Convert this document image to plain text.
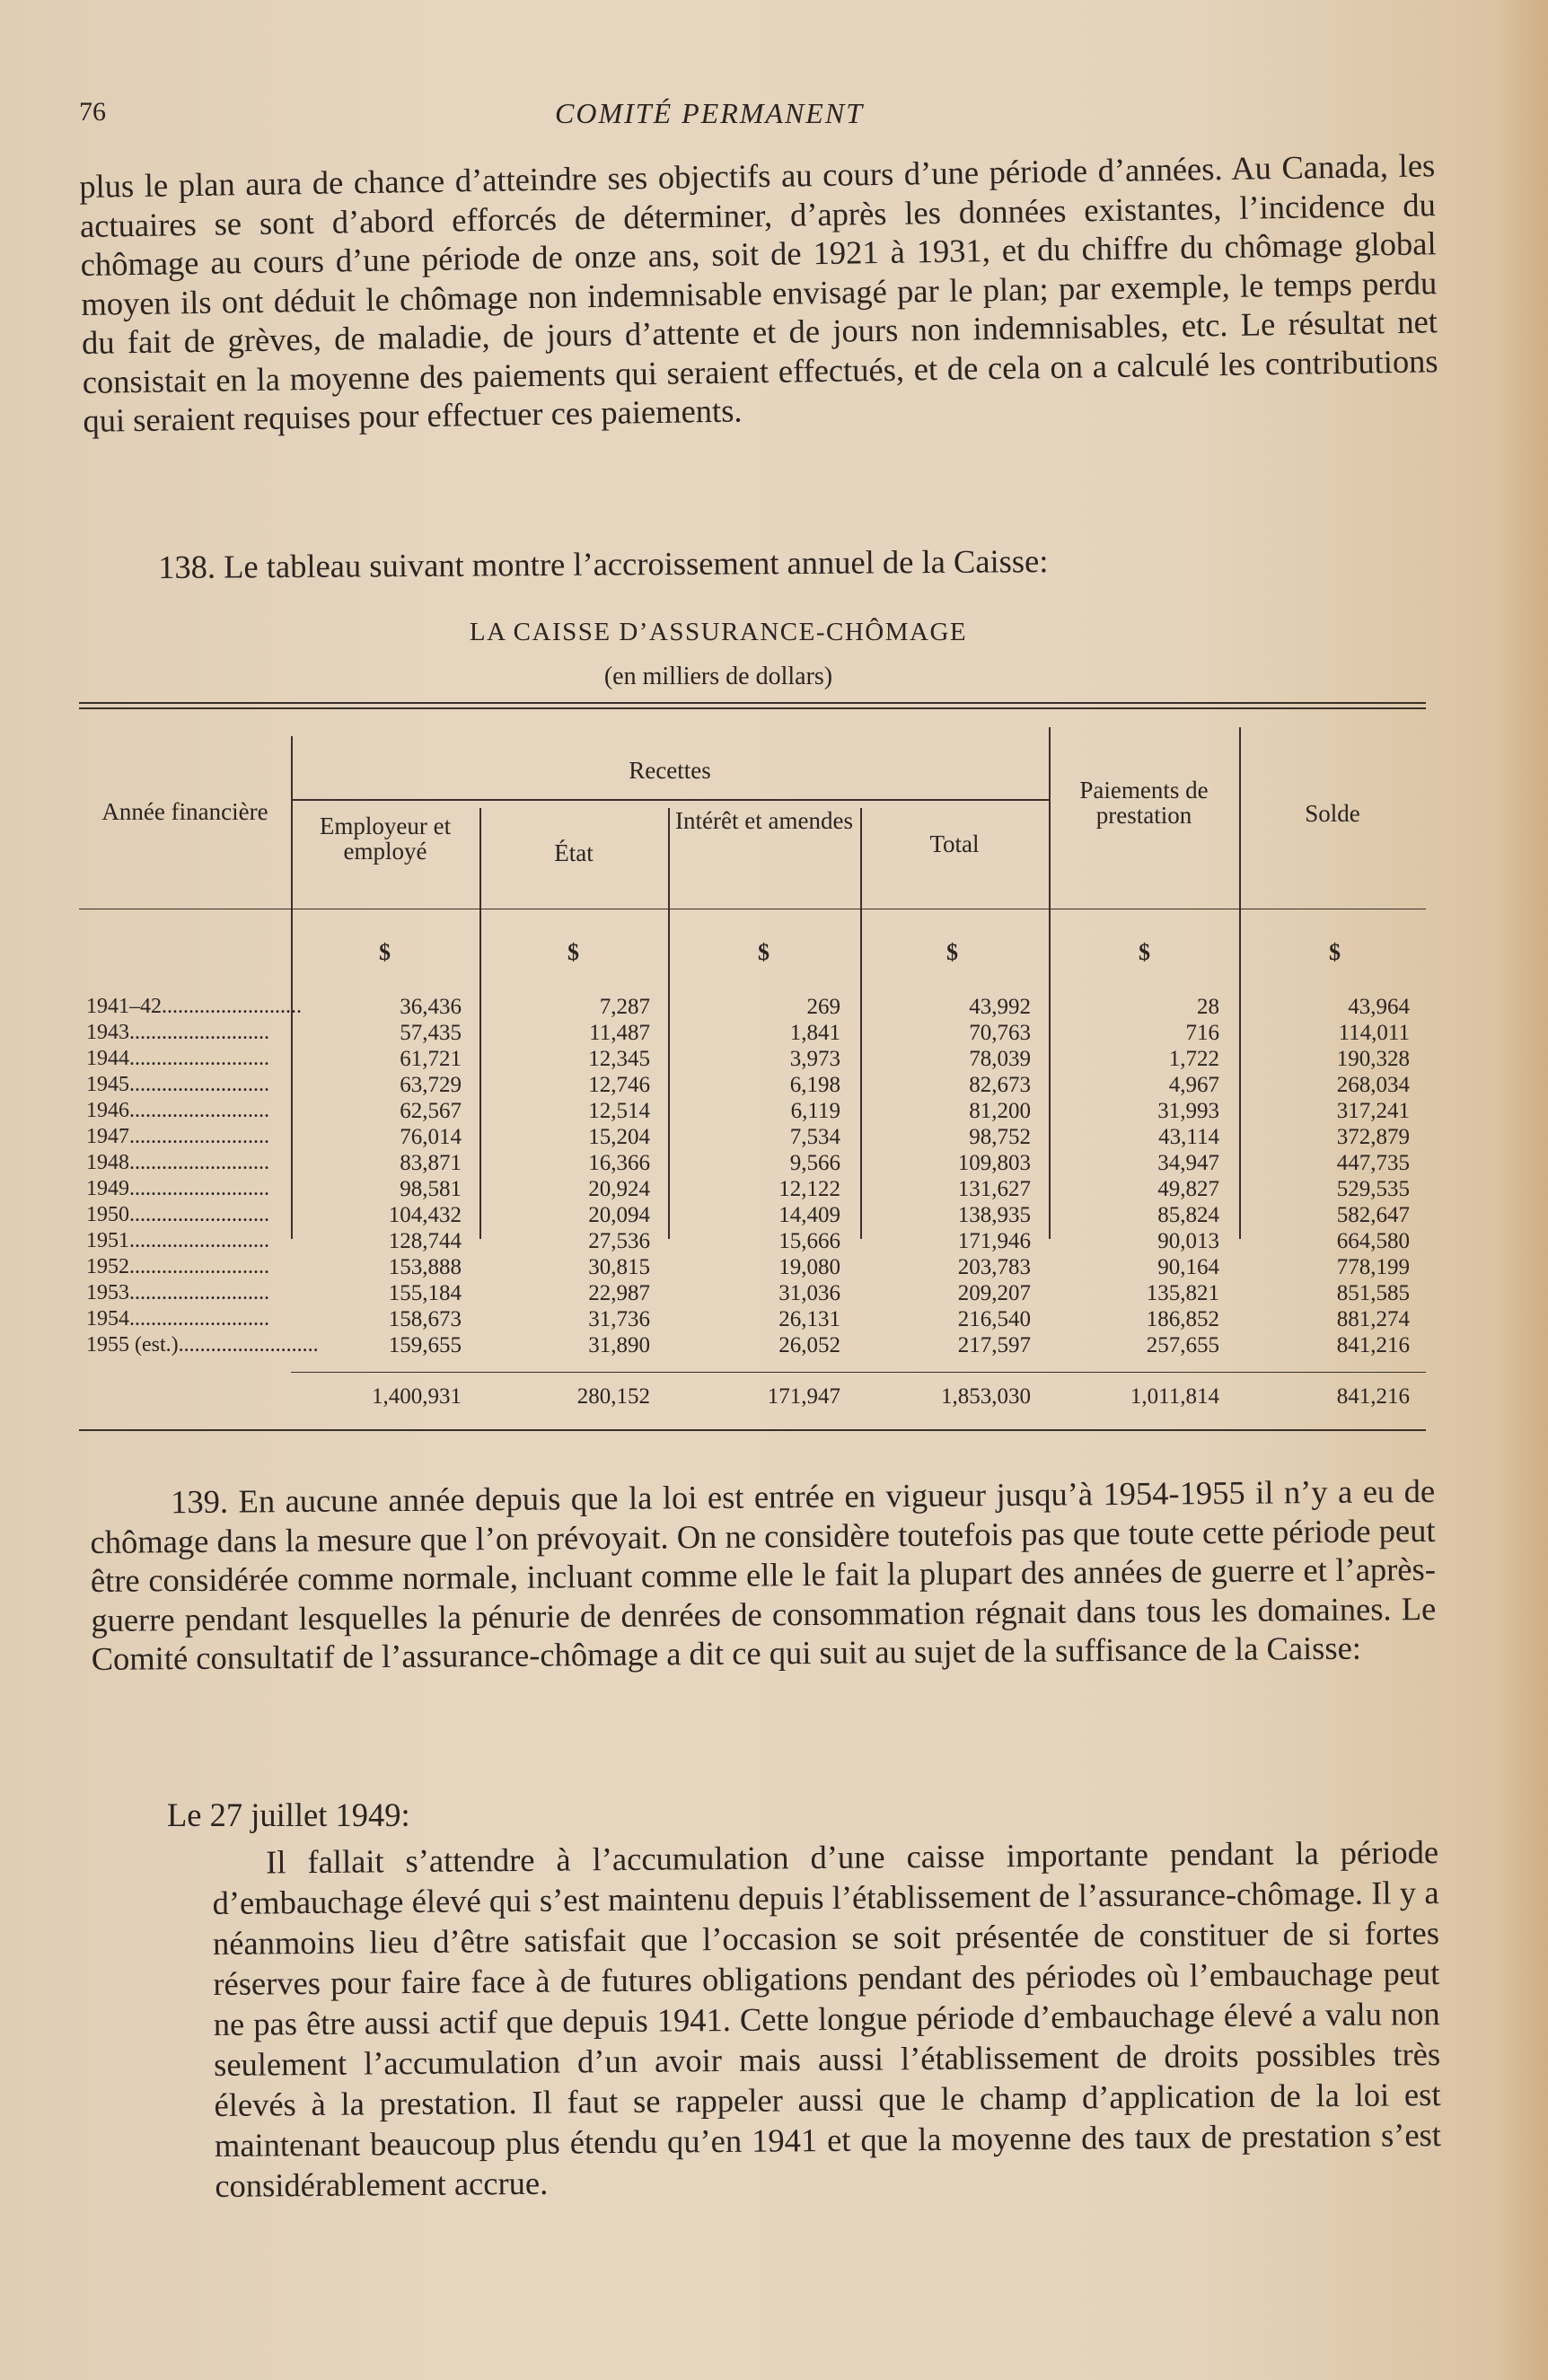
76	COMITÉ PERMANENT

plus le plan aura de chance d’atteindre ses objectifs au cours d’une période d’années. Au Canada, les actuaires se sont d’abord efforcés de déterminer, d’après les données existantes, l’incidence du chômage au cours d’une période de onze ans, soit de 1921 à 1931, et du chiffre du chômage global moyen ils ont déduit le chômage non indemnisable envisagé par le plan; par exemple, le temps perdu du fait de grèves, de maladie, de jours d’attente et de jours non indemnisables, etc. Le résultat net consistait en la moyenne des paiements qui seraient effectués, et de cela on a calculé les contributions qui seraient requises pour effectuer ces paiements.

138. Le tableau suivant montre l’accroissement annuel de la Caisse:

LA CAISSE D’ASSURANCE-CHÔMAGE
(en milliers de dollars)
Année financière
Recettes
Employeur et employé	État
Intérêt et amendes
Total
Paiements de prestation	Solde
$	$	$	$	$	$
1941–42..........................	36,436	7,287	269	43,992	28	43,964
1943..........................	57,435	11,487	1,841	70,763	716	114,011
1944..........................	61,721	12,345	3,973	78,039	1,722	190,328
1945..........................	63,729	12,746	6,198	82,673	4,967	268,034
1946..........................	62,567	12,514	6,119	81,200	31,993	317,241
1947..........................	76,014	15,204	7,534	98,752	43,114	372,879
1948..........................	83,871	16,366	9,566	109,803	34,947	447,735
1949..........................	98,581	20,924	12,122	131,627	49,827	529,535
1950..........................	104,432	20,094	14,409	138,935	85,824	582,647
1951..........................	128,744	27,536	15,666	171,946	90,013	664,580
1952..........................	153,888	30,815	19,080	203,783	90,164	778,199
1953..........................	155,184	22,987	31,036	209,207	135,821	851,585
1954..........................	158,673	31,736	26,131	216,540	186,852	881,274
1955 (est.)..........................	159,655	31,890	26,052	217,597	257,655	841,216
1,400,931	280,152	171,947	1,853,030	1,011,814	841,216

139. En aucune année depuis que la loi est entrée en vigueur jusqu’à 1954-1955 il n’y a eu de chômage dans la mesure que l’on prévoyait. On ne considère toutefois pas que toute cette période peut être considérée comme normale, incluant comme elle le fait la plupart des années de guerre et l’après-guerre pendant lesquelles la pénurie de denrées de consommation régnait dans tous les domaines. Le Comité consultatif de l’assurance-chômage a dit ce qui suit au sujet de la suffisance de la Caisse:

Le 27 juillet 1949:

Il fallait s’attendre à l’accumulation d’une caisse importante pendant la période d’embauchage élevé qui s’est maintenu depuis l’établissement de l’assurance-chômage. Il y a néanmoins lieu d’être satisfait que l’occasion se soit présentée de constituer de si fortes réserves pour faire face à de futures obligations pendant des périodes où l’embauchage peut ne pas être aussi actif que depuis 1941. Cette longue période d’embauchage élevé a valu non seulement l’accumulation d’un avoir mais aussi l’établissement de droits possibles très élevés à la prestation. Il faut se rappeler aussi que le champ d’application de la loi est maintenant beaucoup plus étendu qu’en 1941 et que la moyenne des taux de prestation s’est considérablement accrue.
